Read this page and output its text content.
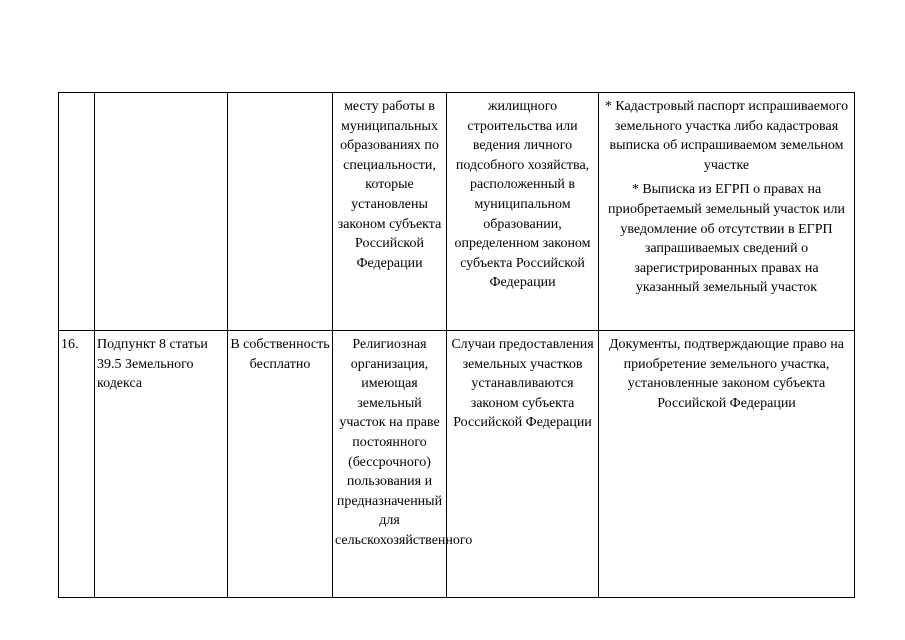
			месту работы в муниципальных образованиях по специальности, которые установлены законом субъекта Российской Федерации	жилищного строительства или ведения личного подсобного хозяйства, расположенный в муниципальном образовании, определенном законом субъекта Российской Федерации	* Кадастровый паспорт испрашиваемого земельного участка либо кадастровая выписка об испрашиваемом земельном участке
* Выписка из ЕГРП о правах на приобретаемый земельный участок или уведомление об отсутствии в ЕГРП запрашиваемых сведений о зарегистрированных правах на указанный земельный участок

16.	Подпункт 8 статьи 39.5 Земельного кодекса	В собственность бесплатно	Религиозная организация, имеющая земельный участок на праве постоянного (бессрочного) пользования и предназначенный для сельскохозяйственного	Случаи предоставления земельных участков устанавливаются законом субъекта Российской Федерации	Документы, подтверждающие право на приобретение земельного участка, установленные законом субъекта Российской Федерации
